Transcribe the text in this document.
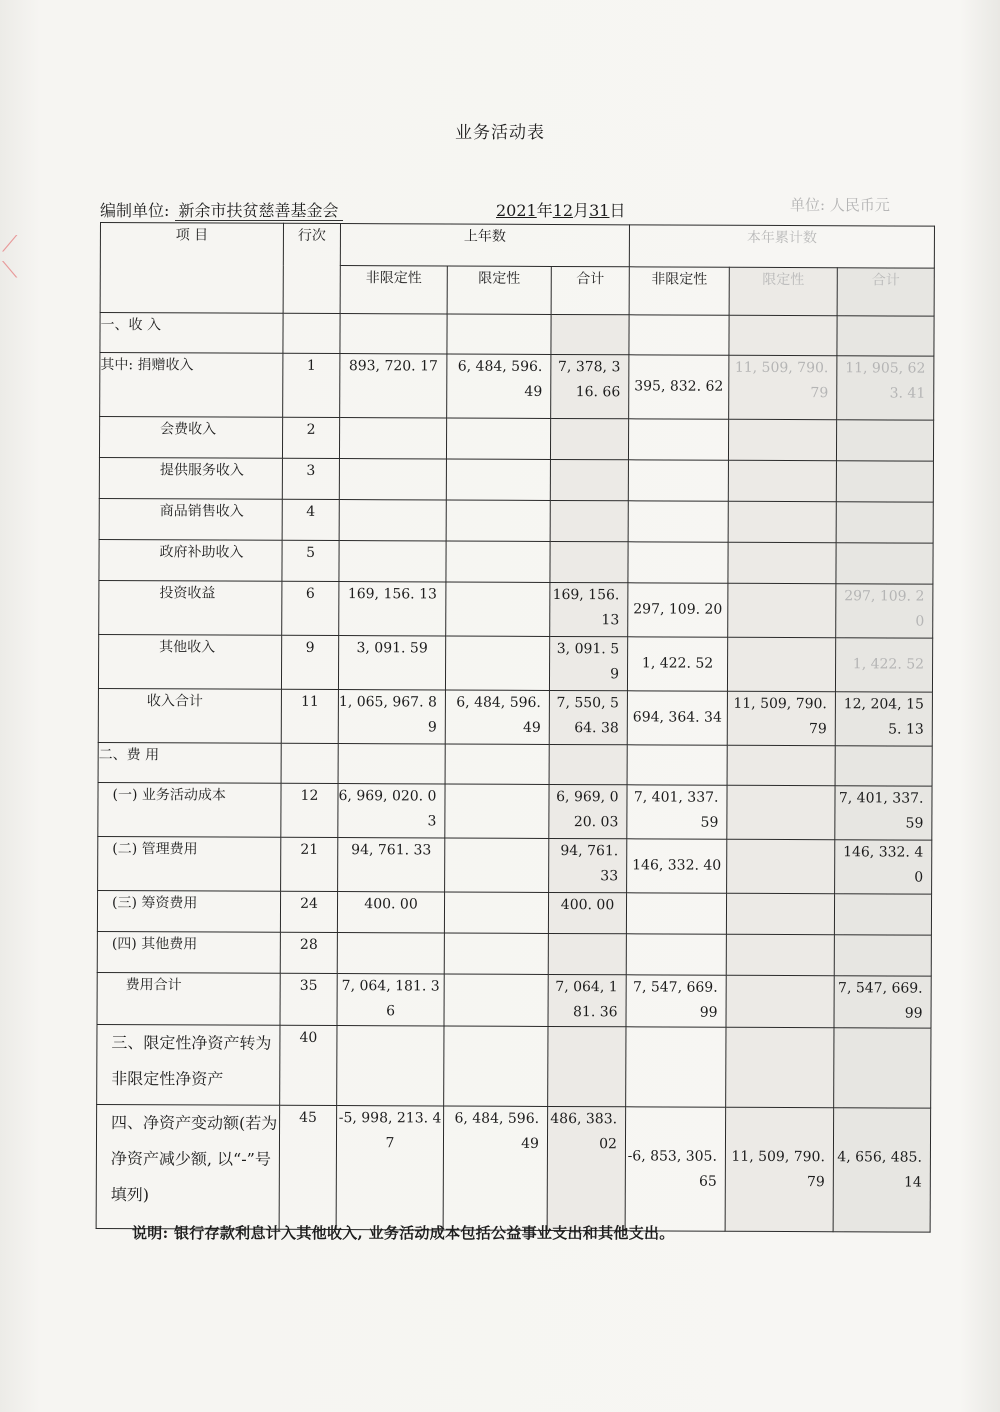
⟋
⟍
业务活动表
编制单位: 新余市扶贫慈善基金会	2021年12月31日	单位: 人民币元
项 目	行次	上年数			本年累计数		
		非限定性	限定性	合计	非限定性	限定性	合计
一、收 入							
其中: 捐赠收入	1	893, 720. 17	6, 484, 596. 49	7, 378, 316. 66	395, 832. 62	11, 509, 790. 79	11, 905, 623. 41
会费收入	2						
提供服务收入	3						
商品销售收入	4						
政府补助收入	5						
投资收益	6	169, 156. 13		169, 156. 13	297, 109. 20		297, 109. 20
其他收入	9	3, 091. 59		3, 091. 59	1, 422. 52		1, 422. 52
收入合计	11	1, 065, 967. 89	6, 484, 596. 49	7, 550, 564. 38	694, 364. 34	11, 509, 790. 79	12, 204, 155. 13
二、费 用							
(一) 业务活动成本	12	6, 969, 020. 03		6, 969, 020. 03	7, 401, 337. 59		7, 401, 337. 59
(二) 管理费用	21	94, 761. 33		94, 761. 33	146, 332. 40		146, 332. 40
(三) 筹资费用	24	400. 00		400. 00			
(四) 其他费用	28						
费用合计	35	7, 064, 181. 36		7, 064, 181. 36	7, 547, 669. 99		7, 547, 669. 99
三、限定性净资产转为非限定性净资产	40						
四、净资产变动额(若为净资产减少额, 以“-”号填列)	45	-5, 998, 213. 47	6, 484, 596. 49	486, 383. 02	-6, 853, 305. 65	11, 509, 790. 79	4, 656, 485. 14
说明: 银行存款利息计入其他收入, 业务活动成本包括公益事业支出和其他支出。
